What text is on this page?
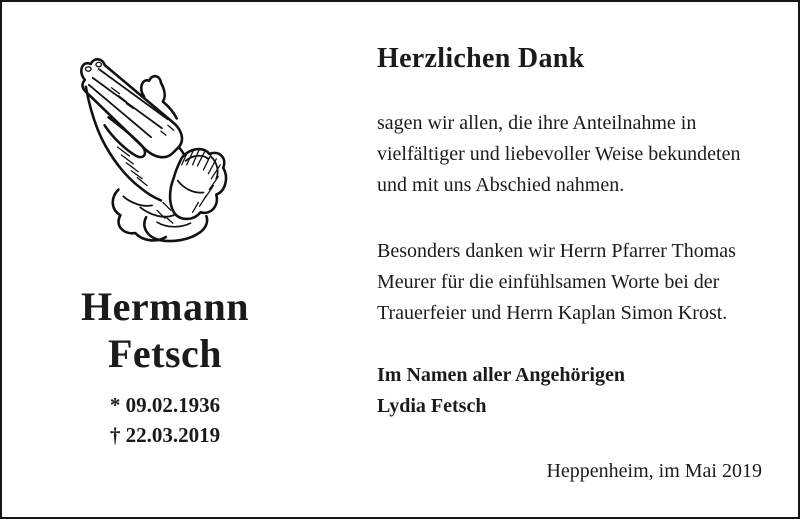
Hermann
Fetsch
* 09.02.1936
† 22.03.2019
Herzlichen Dank

sagen wir allen, die ihre Anteilnahme in
vielfältiger und liebevoller Weise bekundeten
und mit uns Abschied nahmen.

Besonders danken wir Herrn Pfarrer Thomas
Meurer für die einfühlsamen Worte bei der
Trauerfeier und Herrn Kaplan Simon Krost.

Im Namen aller Angehörigen
Lydia Fetsch

Heppenheim, im Mai 2019
